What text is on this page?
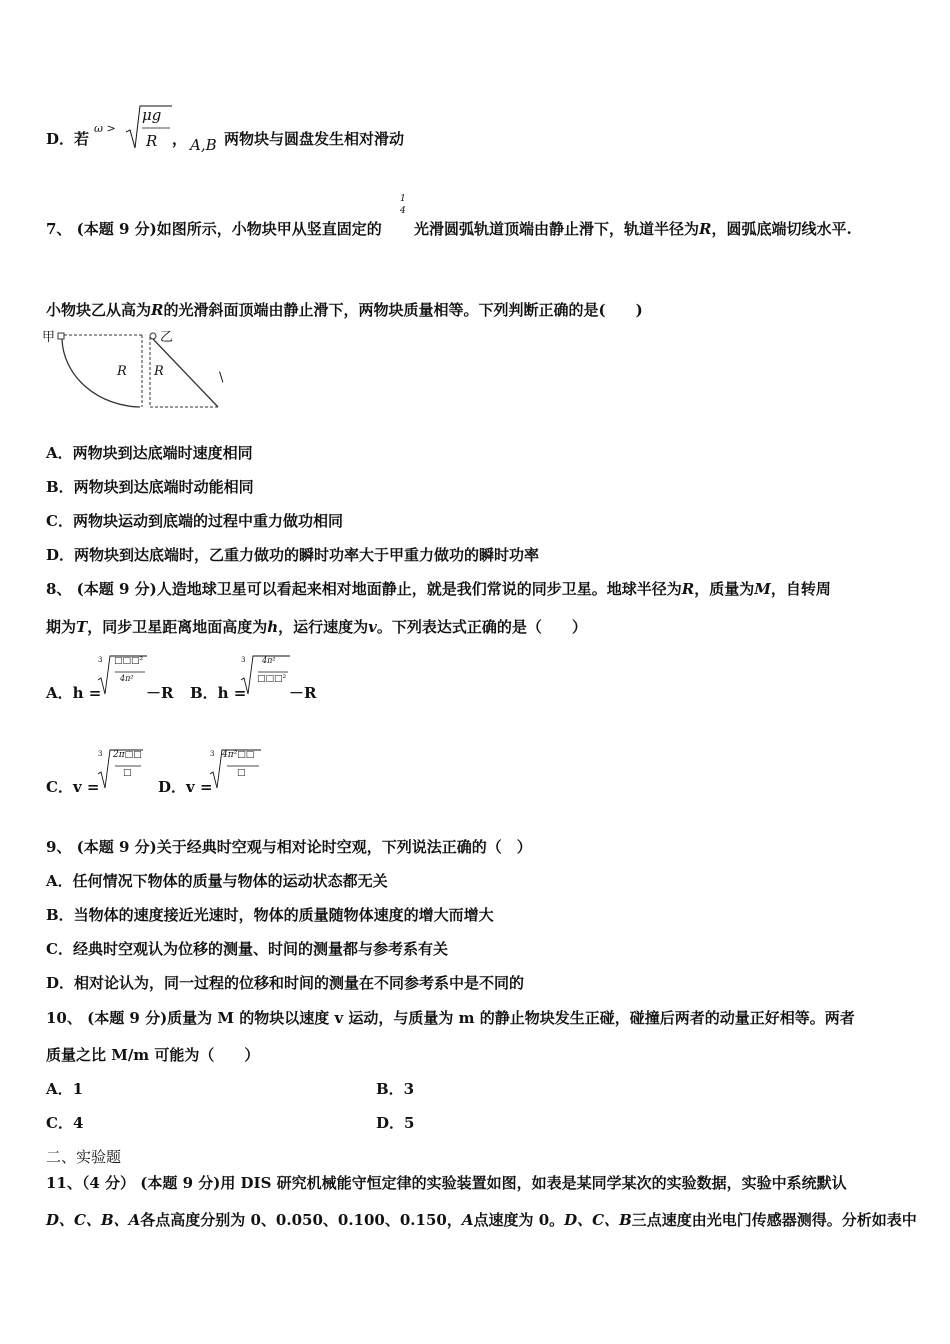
D．若
ω >
μg
R ， A,B 两物块与圆盘发生相对滑动
7、 (本题 9 分)如图所示，小物块甲从竖直固定的
1
4
光滑圆弧轨道顶端由静止滑下，轨道半径为R，圆弧底端切线水平.
小物块乙从高为R的光滑斜面顶端由静止滑下，两物块质量相等。下列判断正确的是(　　)
甲	乙
R R	\
A．两物块到达底端时速度相同
B．两物块到达底端时动能相同
C．两物块运动到底端的过程中重力做功相同
D．两物块到达底端时，乙重力做功的瞬时功率大于甲重力做功的瞬时功率
8、 (本题 9 分)人造地球卫星可以看起来相对地面静止，就是我们常说的同步卫星。地球半径为R，质量为M，自转周
期为T，同步卫星距离地面高度为h，运行速度为v。下列表达式正确的是（　　）
A．h =
3 □□□²
4π²
－R B．h =
3 4π²
□□□²
－R
C．v =
3 2π□□
□
D．v =
3 4π²□□
□
9、 (本题 9 分)关于经典时空观与相对论时空观，下列说法正确的（　）
A．任何情况下物体的质量与物体的运动状态都无关
B．当物体的速度接近光速时，物体的质量随物体速度的增大而增大
C．经典时空观认为位移的测量、时间的测量都与参考系有关
D．相对论认为，同一过程的位移和时间的测量在不同参考系中是不同的
10、 (本题 9 分)质量为 M 的物块以速度 v 运动，与质量为 m 的静止物块发生正碰，碰撞后两者的动量正好相等。两者
质量之比 M/m 可能为（　　）
A．1	B．3
C．4	D．5
二、实验题
11、（4 分） (本题 9 分)用 DIS 研究机械能守恒定律的实验装置如图，如表是某同学某次的实验数据，实验中系统默认
D、C、B、A各点高度分别为 0、0.050、0.100、0.150，A点速度为 0。D、C、B三点速度由光电门传感器测得。分析如表中
